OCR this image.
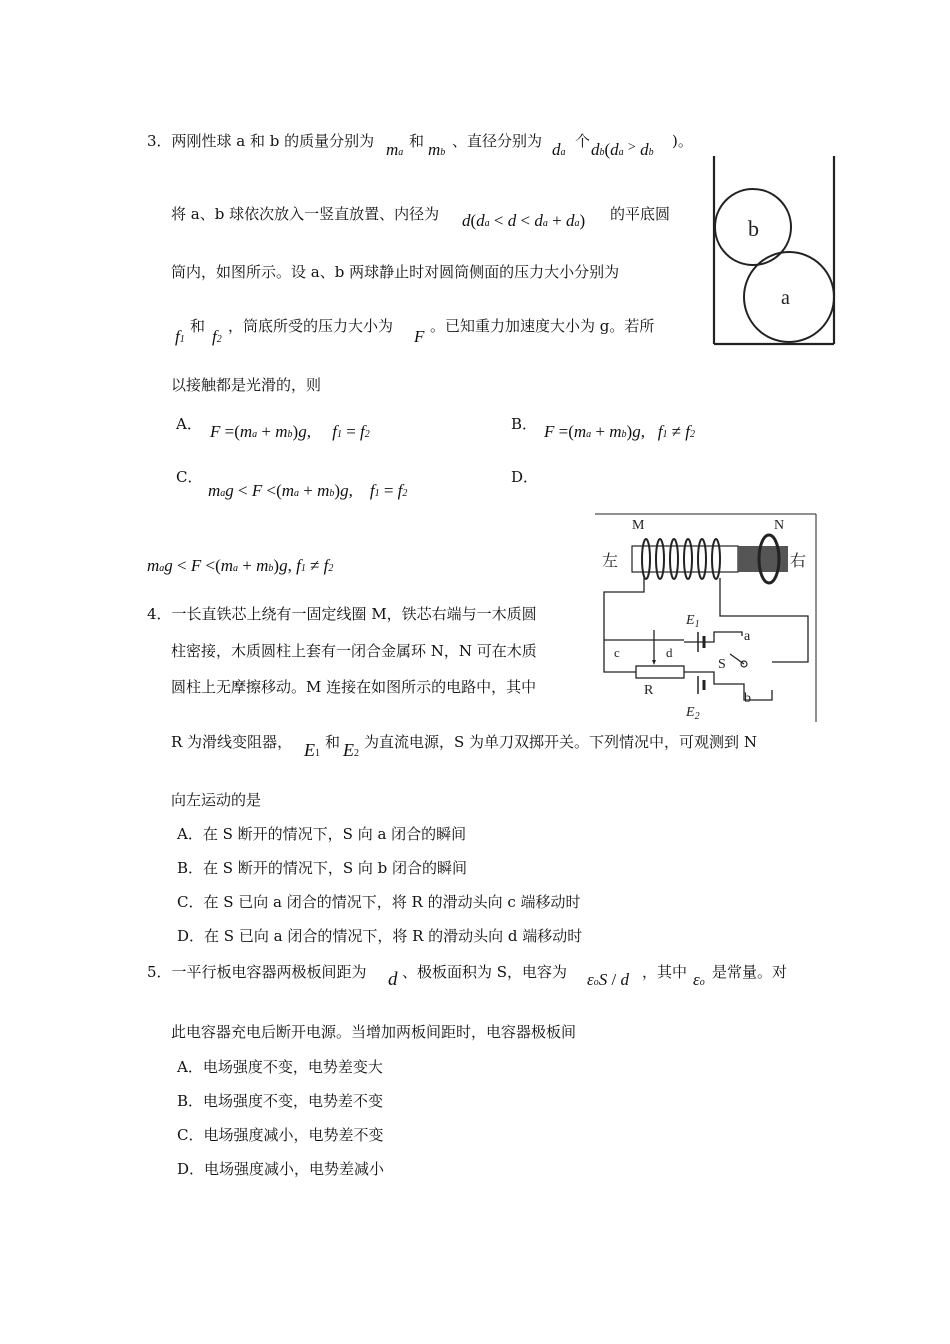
3．两刚性球 a 和 b 的质量分别为 ma
和 mb
、直径分别为 da
个 db(da > db
)。
将 a、b 球依次放入一竖直放置、内径为 d(da < d < da + da) 的平底圆
筒内，如图所示。设 a、b 两球静止时对圆筒侧面的压力大小分别为
f1
和
f2
，筒底所受的压力大小为
F
。已知重力加速度大小为 g。若所
以接触都是光滑的，则
A． F =(ma + mb)g,     f1 = f2
B． F =(ma + mb)g,   f1 ≠ f2
C．
mag < F <(ma + mb)g,    f1 = f2
D．
mag < F <(ma + mb)g, f1 ≠ f2
b
a
4．一长直铁芯上绕有一固定线圈 M，铁芯右端与一木质圆
柱密接，木质圆柱上套有一闭合金属环 N，N 可在木质
圆柱上无摩擦移动。M 连接在如图所示的电路中，其中
R 为滑线变阻器， E1
和 E2
为直流电源，S 为单刀双掷开关。下列情况中，可观测到 N
向左运动的是
A．在 S 断开的情况下，S 向 a 闭合的瞬间
B．在 S 断开的情况下，S 向 b 闭合的瞬间
C．在 S 已向 a 闭合的情况下，将 R 的滑动头向 c 端移动时
D．在 S 已向 a 闭合的情况下，将 R 的滑动头向 d 端移动时
M	N
左	右
c	d
R
$E_1$
$E_2$
S
a
b
5．一平行板电容器两极板间距为 d 、极板面积为 S，电容为 εoS / d ，其中 εo
是常量。对
此电容器充电后断开电源。当增加两板间距时，电容器极板间
A．电场强度不变，电势差变大
B．电场强度不变，电势差不变
C．电场强度减小，电势差不变
D．电场强度减小，电势差减小
